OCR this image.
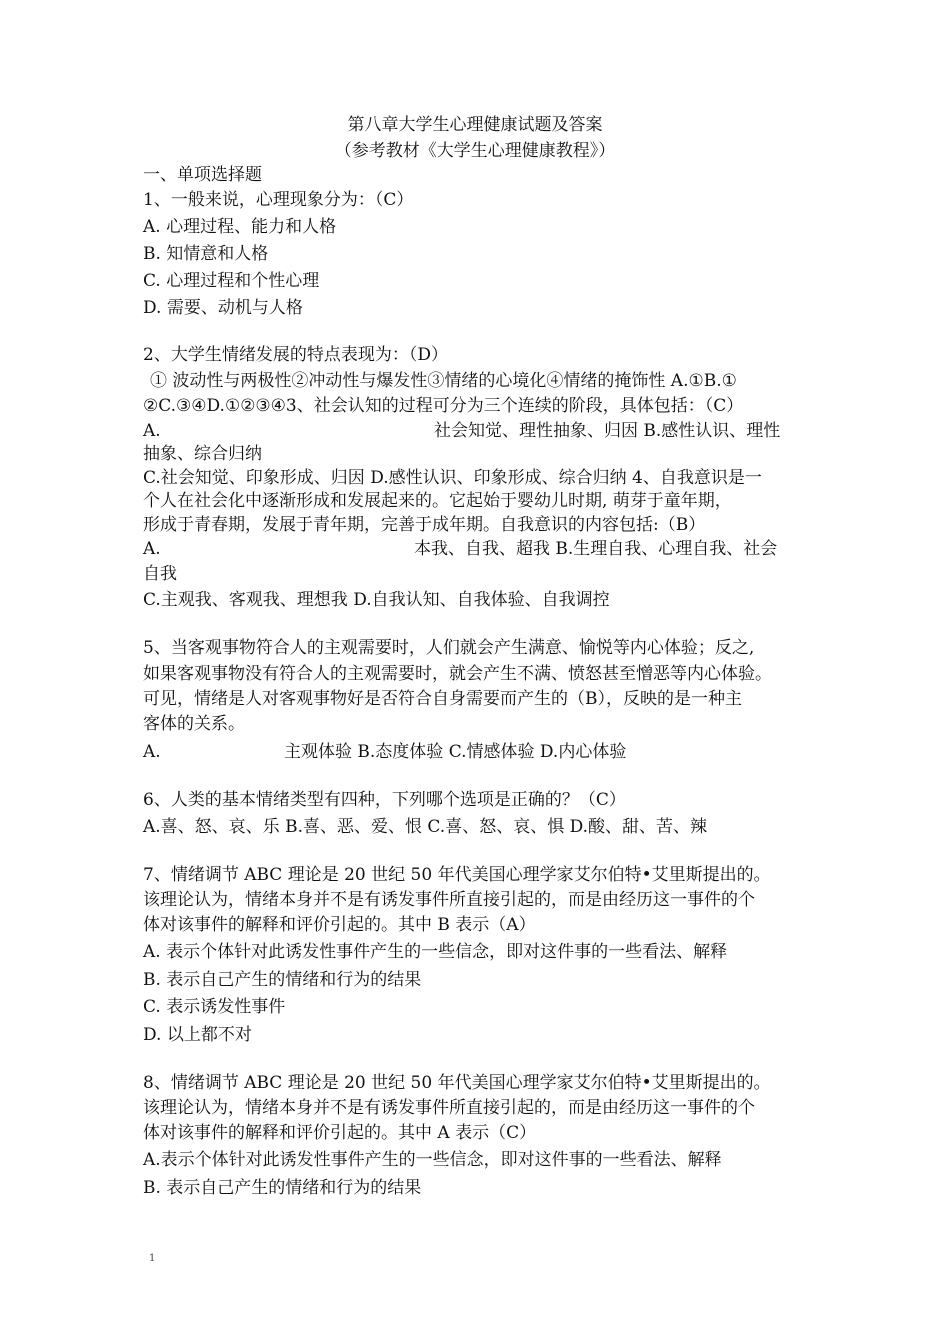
第八章大学生心理健康试题及答案
（参考教材《大学生心理健康教程》）
一、单项选择题
1、一般来说，心理现象分为：（C）
A. 心理过程、能力和人格
B. 知情意和人格
C. 心理过程和个性心理
D. 需要、动机与人格
2、大学生情绪发展的特点表现为：（D）
① 波动性与两极性②冲动性与爆发性③情绪的心境化④情绪的掩饰性 A.①B.①
②C.③④D.①②③④3、社会认知的过程可分为三个连续的阶段，具体包括：（C）
A.	社会知觉、理性抽象、归因 B.感性认识、理性
抽象、综合归纳
C.社会知觉、印象形成、归因 D.感性认识、印象形成、综合归纳 4、自我意识是一
个人在社会化中逐渐形成和发展起来的。它起始于婴幼儿时期, 萌芽于童年期，
形成于青春期，发展于青年期，完善于成年期。自我意识的内容包括:（B）
A.	本我、自我、超我 B.生理自我、心理自我、社会
自我
C.主观我、客观我、理想我 D.自我认知、自我体验、自我调控
5、当客观事物符合人的主观需要时，人们就会产生满意、愉悦等内心体验；反之,
如果客观事物没有符合人的主观需要时，就会产生不满、愤怒甚至憎恶等内心体验。
可见，情绪是人对客观事物好是否符合自身需要而产生的（B），反映的是一种主
客体的关系。
A.	主观体验 B.态度体验 C.情感体验 D.内心体验
6、人类的基本情绪类型有四种，下列哪个选项是正确的？（C）
A.喜、怒、哀、乐 B.喜、恶、爱、恨 C.喜、怒、哀、惧 D.酸、甜、苦、辣
7、情绪调节 ABC 理论是 20 世纪 50 年代美国心理学家艾尔伯特•艾里斯提出的。
该理论认为，情绪本身并不是有诱发事件所直接引起的，而是由经历这一事件的个
体对该事件的解释和评价引起的。其中 B 表示（A）
A. 表示个体针对此诱发性事件产生的一些信念，即对这件事的一些看法、解释
B. 表示自己产生的情绪和行为的结果
C. 表示诱发性事件
D. 以上都不对
8、情绪调节 ABC 理论是 20 世纪 50 年代美国心理学家艾尔伯特•艾里斯提出的。
该理论认为，情绪本身并不是有诱发事件所直接引起的，而是由经历这一事件的个
体对该事件的解释和评价引起的。其中 A 表示（C）
A.表示个体针对此诱发性事件产生的一些信念，即对这件事的一些看法、解释
B. 表示自己产生的情绪和行为的结果
1
